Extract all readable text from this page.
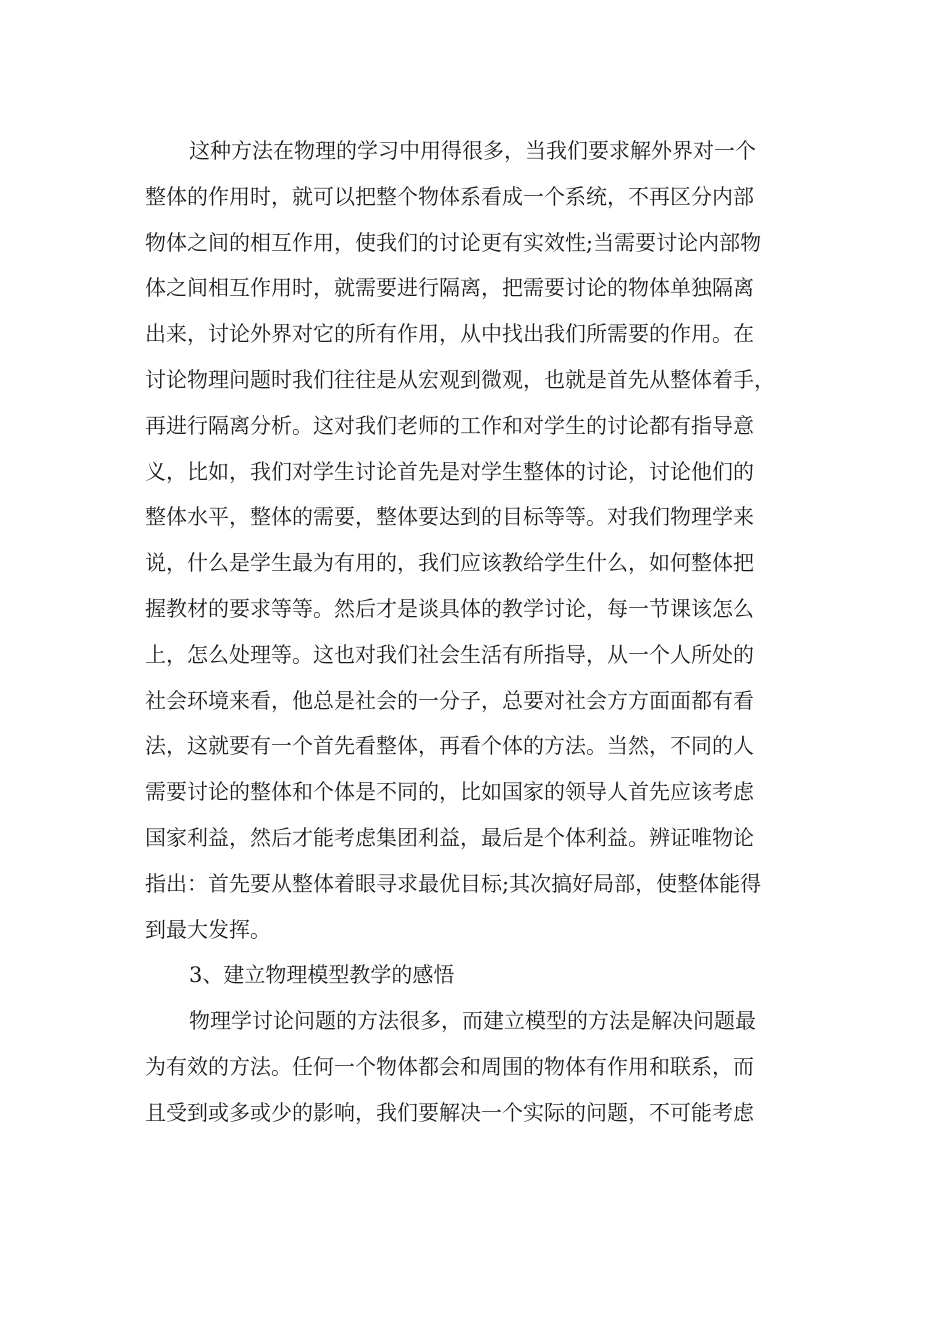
这种方法在物理的学习中用得很多，当我们要求解外界对一个
整体的作用时，就可以把整个物体系看成一个系统，不再区分内部
物体之间的相互作用，使我们的讨论更有实效性;当需要讨论内部物
体之间相互作用时，就需要进行隔离，把需要讨论的物体单独隔离
出来，讨论外界对它的所有作用，从中找出我们所需要的作用。在
讨论物理问题时我们往往是从宏观到微观，也就是首先从整体着手，
再进行隔离分析。这对我们老师的工作和对学生的讨论都有指导意
义，比如，我们对学生讨论首先是对学生整体的讨论，讨论他们的
整体水平，整体的需要，整体要达到的目标等等。对我们物理学来
说，什么是学生最为有用的，我们应该教给学生什么，如何整体把
握教材的要求等等。然后才是谈具体的教学讨论，每一节课该怎么
上，怎么处理等。这也对我们社会生活有所指导，从一个人所处的
社会环境来看，他总是社会的一分子，总要对社会方方面面都有看
法，这就要有一个首先看整体，再看个体的方法。当然，不同的人
需要讨论的整体和个体是不同的，比如国家的领导人首先应该考虑
国家利益，然后才能考虑集团利益，最后是个体利益。辨证唯物论
指出：首先要从整体着眼寻求最优目标;其次搞好局部，使整体能得
到最大发挥。
3、建立物理模型教学的感悟
物理学讨论问题的方法很多，而建立模型的方法是解决问题最
为有效的方法。任何一个物体都会和周围的物体有作用和联系，而
且受到或多或少的影响，我们要解决一个实际的问题，不可能考虑
